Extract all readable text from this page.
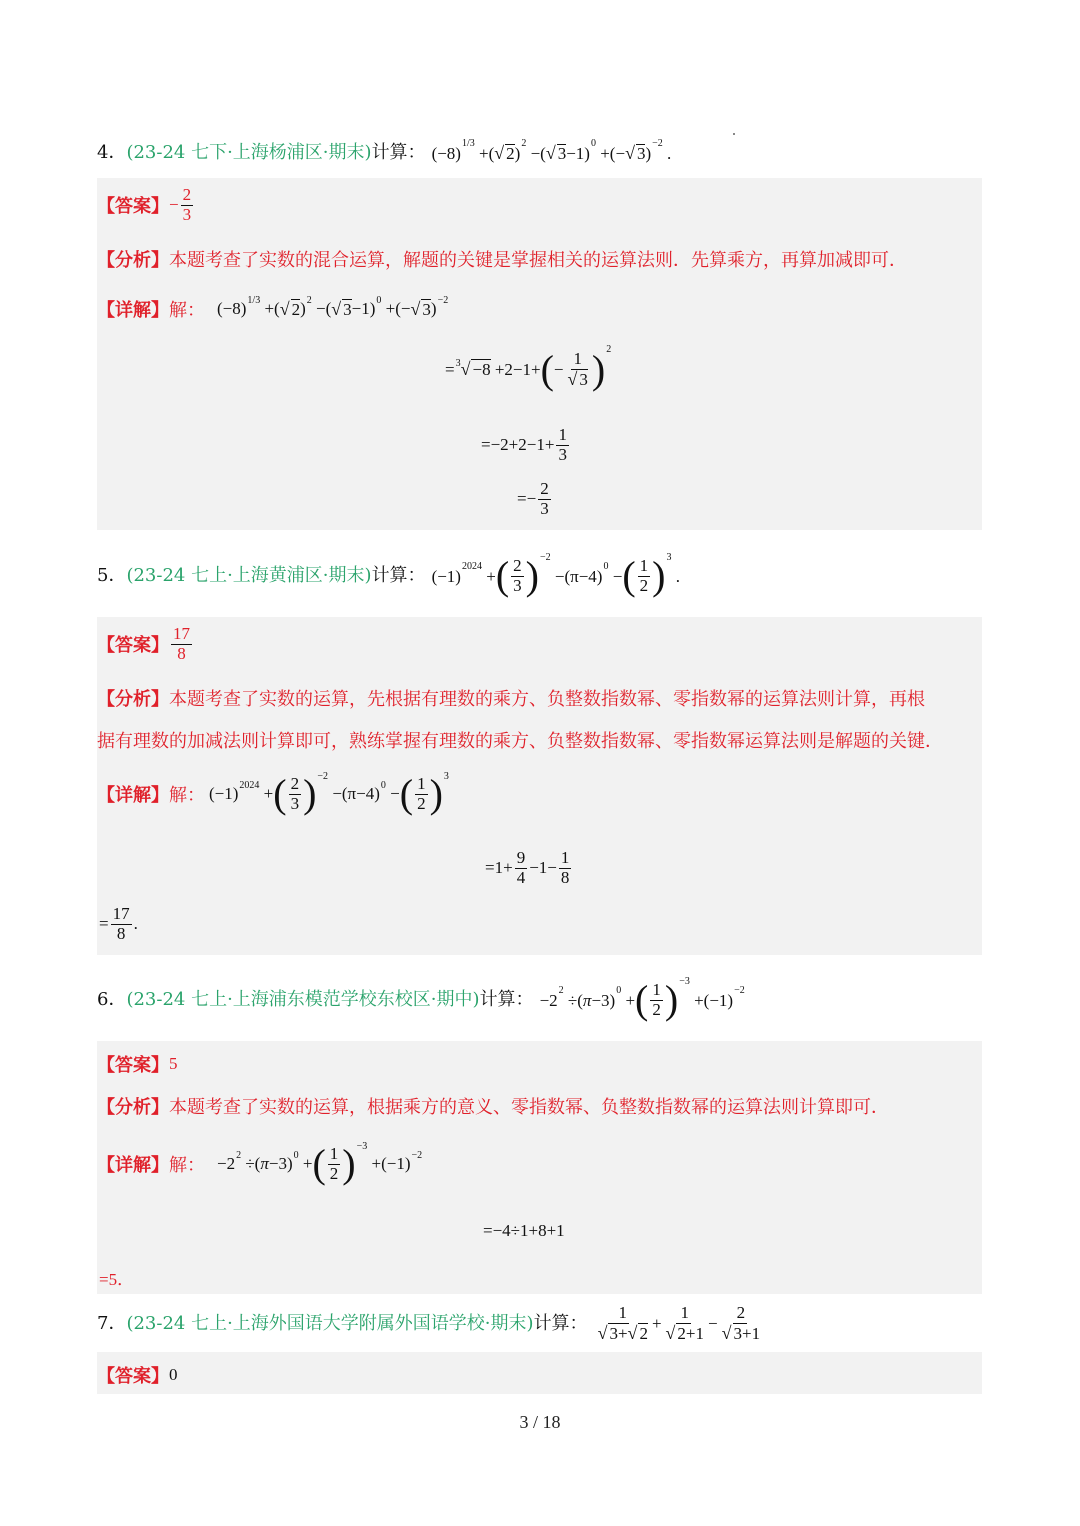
4． (23-24 七下·上海杨浦区·期末) 计算： (−8) 1/3 +( √ 2 ) 2 −( √ 3 −1) 0 +(− √ 3 ) −2 .
【答案】 − $\frac{2}{3}$
【分析】 本题考查了实数的混合运算，解题的关键是掌握相关的运算法则．先算乘方，再算加减即可．
【详解】 解： (−8) 1/3 +( √ 2 ) 2 −( √ 3 −1) 0 +(− √ 3 ) −2
= 3 √ −8 +2−1+ ( − $\frac{1}{√ 3}$ ) 2
$=-2+2-1+ \frac{1}{3}$
=− $\frac{2}{3}$
5． (23-24 七上·上海黄浦区·期末) 计算： (−1) 2024 + ( $\frac{2}{3}$ ) −2
−(π−4) 0 − ( $\frac{1}{2}$ ) 3
.
【答案】 $\frac{17}{8}$
【分析】 本题考查了实数的运算，先根据有理数的乘方、负整数指数幂、零指数幂的运算法则计算，再根
据有理数的加减法则计算即可，熟练掌握有理数的乘方、负整数指数幂、零指数幂运算法则是解题的关键．
【详解】 解： (−1) 2024 + ( $\frac{2}{3}$ ) −2
−(π−4) 0 − ( $\frac{1}{2}$ ) 3
$=1+ \frac{9}{4} -1- \frac{1}{8}$
= $\frac{17}{8}$ .
6． (23-24 七上·上海浦东模范学校东校区·期中) 计算： −2 2 ÷( π −3) 0 + ( $\frac{1}{2}$ ) −3
+(−1) −2
【答案】 5
【分析】 本题考查了实数的运算，根据乘方的意义、零指数幂、负整数指数幂的运算法则计算即可．
【详解】 解： −2 2 ÷( π −3) 0 + ( $\frac{1}{2}$ ) −3
+(−1) −2
=−4÷1+8+1
=5．
7． (23-24 七上·上海外国语大学附属外国语学校·期末) 计算： $\frac{1}{√ 3+√ 2} + \frac{1}{√ 2+1} - \frac{2}{√ 3+1}$
【答案】 0
3 / 18
